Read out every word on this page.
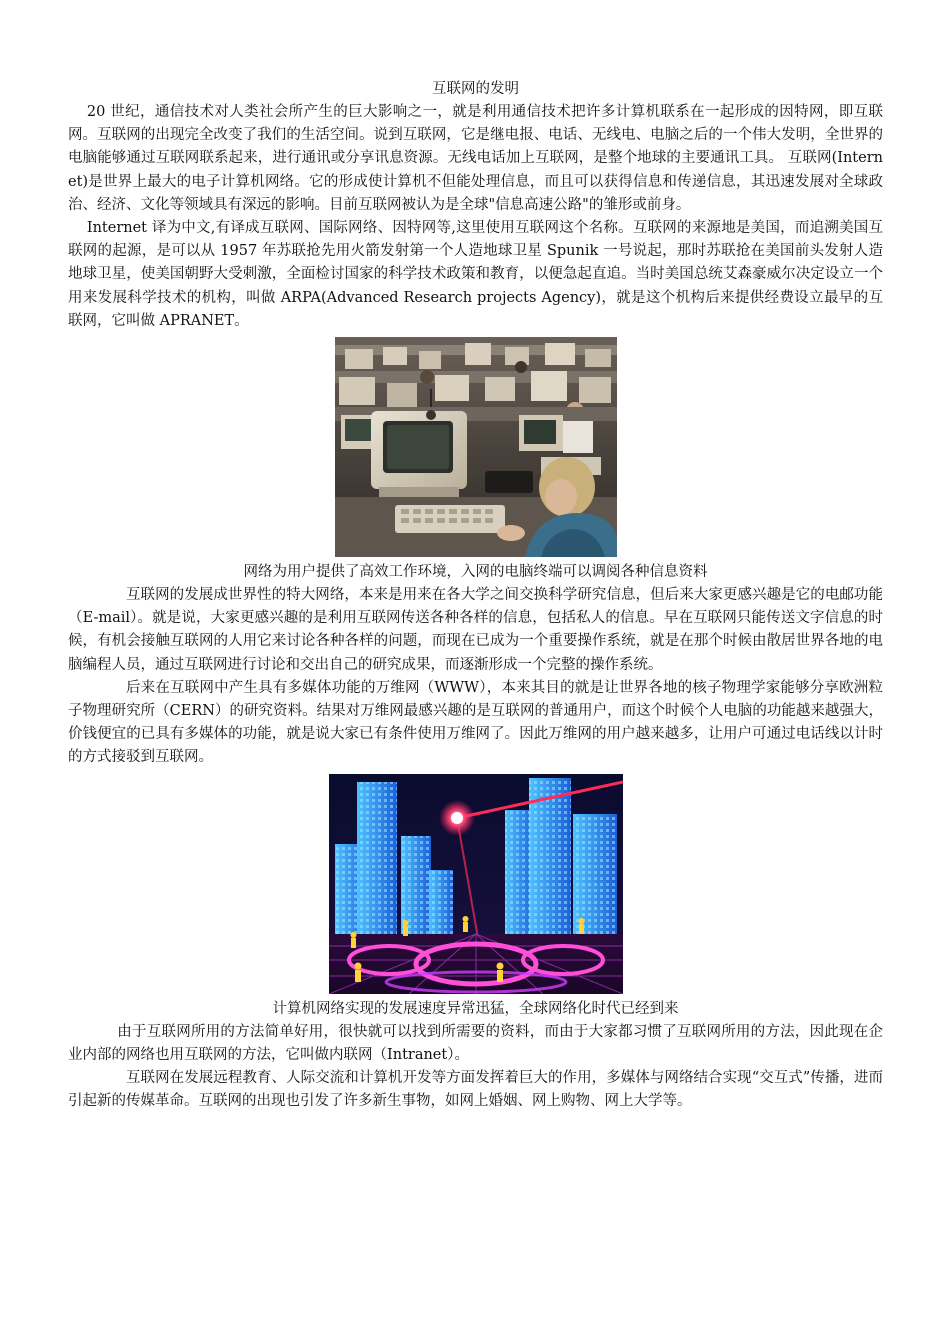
互联网的发明

20 世纪，通信技术对人类社会所产生的巨大影响之一，就是利用通信技术把许多计算机联系在一起形成的因特网，即互联网。互联网的出现完全改变了我们的生活空间。说到互联网，它是继电报、电话、无线电、电脑之后的一个伟大发明，全世界的电脑能够通过互联网联系起来，进行通讯或分享讯息资源。无线电话加上互联网，是整个地球的主要通讯工具。 互联网(Internet)是世界上最大的电子计算机网络。它的形成使计算机不但能处理信息，而且可以获得信息和传递信息，其迅速发展对全球政治、经济、文化等领域具有深远的影响。目前互联网被认为是全球"信息高速公路"的雏形或前身。

Internet 译为中文,有译成互联网、国际网络、因特网等,这里使用互联网这个名称。互联网的来源地是美国，而追溯美国互联网的起源，是可以从 1957 年苏联抢先用火箭发射第一个人造地球卫星 Spunik 一号说起，那时苏联抢在美国前头发射人造地球卫星，使美国朝野大受刺激，全面检讨国家的科学技术政策和教育，以便急起直追。当时美国总统艾森豪威尔决定设立一个用来发展科学技术的机构，叫做 ARPA(Advanced Research projects Agency)，就是这个机构后来提供经费设立最早的互联网，它叫做 APRANET。

网络为用户提供了高效工作环境，入网的电脑终端可以调阅各种信息资料

互联网的发展成世界性的特大网络，本来是用来在各大学之间交换科学研究信息，但后来大家更感兴趣是它的电邮功能（E-mail）。就是说，大家更感兴趣的是利用互联网传送各种各样的信息，包括私人的信息。早在互联网只能传送文字信息的时候，有机会接触互联网的人用它来讨论各种各样的问题，而现在已成为一个重要操作系统，就是在那个时候由散居世界各地的电脑编程人员，通过互联网进行讨论和交出自己的研究成果，而逐渐形成一个完整的操作系统。

后来在互联网中产生具有多媒体功能的万维网（WWW），本来其目的就是让世界各地的核子物理学家能够分享欧洲粒子物理研究所（CERN）的研究资料。结果对万维网最感兴趣的是互联网的普通用户，而这个时候个人电脑的功能越来越强大，价钱便宜的已具有多媒体的功能，就是说大家已有条件使用万维网了。因此万维网的用户越来越多，让用户可通过电话线以计时的方式接驳到互联网。

计算机网络实现的发展速度异常迅猛，全球网络化时代已经到来

由于互联网所用的方法简单好用，很快就可以找到所需要的资料，而由于大家都习惯了互联网所用的方法，因此现在企业内部的网络也用互联网的方法，它叫做内联网（Intranet）。

互联网在发展远程教育、人际交流和计算机开发等方面发挥着巨大的作用，多媒体与网络结合实现“交互式”传播，进而引起新的传媒革命。互联网的出现也引发了许多新生事物，如网上婚姻、网上购物、网上大学等。
